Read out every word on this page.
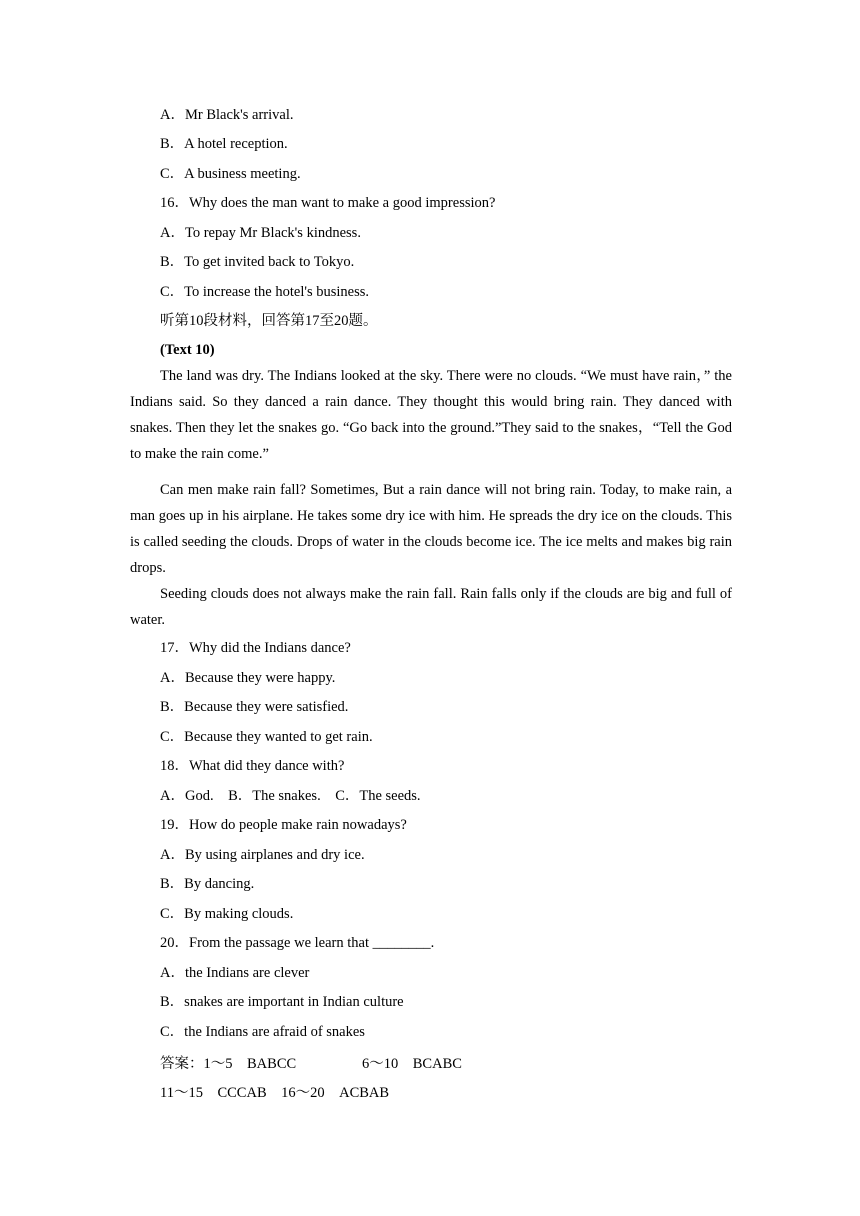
A．Mr Black's arrival.
B．A hotel reception.
C．A business meeting.
16．Why does the man want to make a good impression?
A．To repay Mr Black's kindness.
B．To get invited back to Tokyo.
C．To increase the hotel's business.
听第10段材料，回答第17至20题。
(Text 10)
The land was dry. The Indians looked at the sky. There were no clouds. “We must have rain，” the Indians said. So they danced a rain dance. They thought this would bring rain. They danced with snakes. Then they let the snakes go. “Go back into the ground.”They said to the snakes，“Tell the God to make the rain come.”
Can men make rain fall? Sometimes, But a rain dance will not bring rain. Today, to make rain, a man goes up in his airplane. He takes some dry ice with him. He spreads the dry ice on the clouds. This is called seeding the clouds. Drops of water in the clouds become ice. The ice melts and makes big rain drops.
Seeding clouds does not always make the rain fall. Rain falls only if the clouds are big and full of water.
17．Why did the Indians dance?
A．Because they were happy.
B．Because they were satisfied.
C．Because they wanted to get rain.
18．What did they dance with?
A．God.　B．The snakes.　C．The seeds.
19．How do people make rain nowadays?
A．By using airplanes and dry ice.
B．By dancing.
C．By making clouds.
20．From the passage we learn that ________.
A．the Indians are clever
B．snakes are important in Indian culture
C．the Indians are afraid of snakes
答案：1～5　BABCC	6～10　BCABC
11～15　CCCAB　16～20　ACBAB
